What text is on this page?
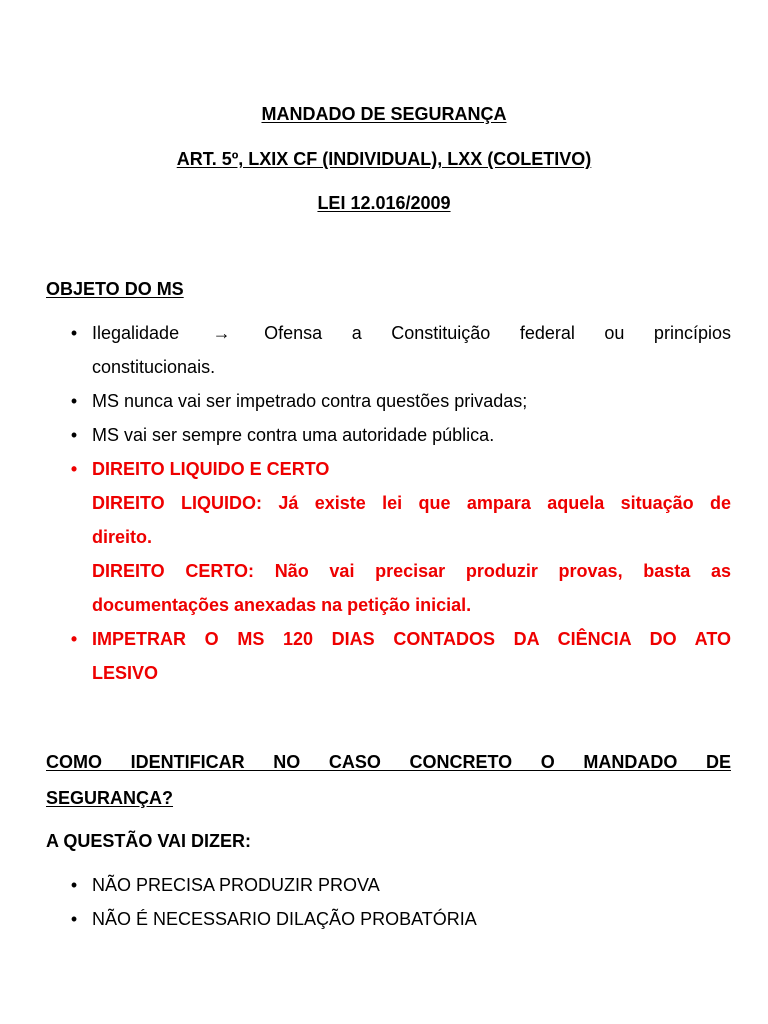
MANDADO DE SEGURANÇA
ART. 5º, LXIX CF (INDIVIDUAL), LXX (COLETIVO)
LEI 12.016/2009
OBJETO DO MS
• Ilegalidade → Ofensa a Constituição federal ou princípios
constitucionais.
• MS nunca vai ser impetrado contra questões privadas;
• MS vai ser sempre contra uma autoridade pública.
• DIREITO LIQUIDO E CERTO
DIREITO LIQUIDO: Já existe lei que ampara aquela situação de
direito.
DIREITO CERTO: Não vai precisar produzir provas, basta as
documentações anexadas na petição inicial.
• IMPETRAR O MS 120 DIAS CONTADOS DA CIÊNCIA DO ATO
LESIVO
COMO IDENTIFICAR NO CASO CONCRETO O MANDADO DE
SEGURANÇA?
A QUESTÃO VAI DIZER:
• NÃO PRECISA PRODUZIR PROVA
• NÃO É NECESSARIO DILAÇÃO PROBATÓRIA
